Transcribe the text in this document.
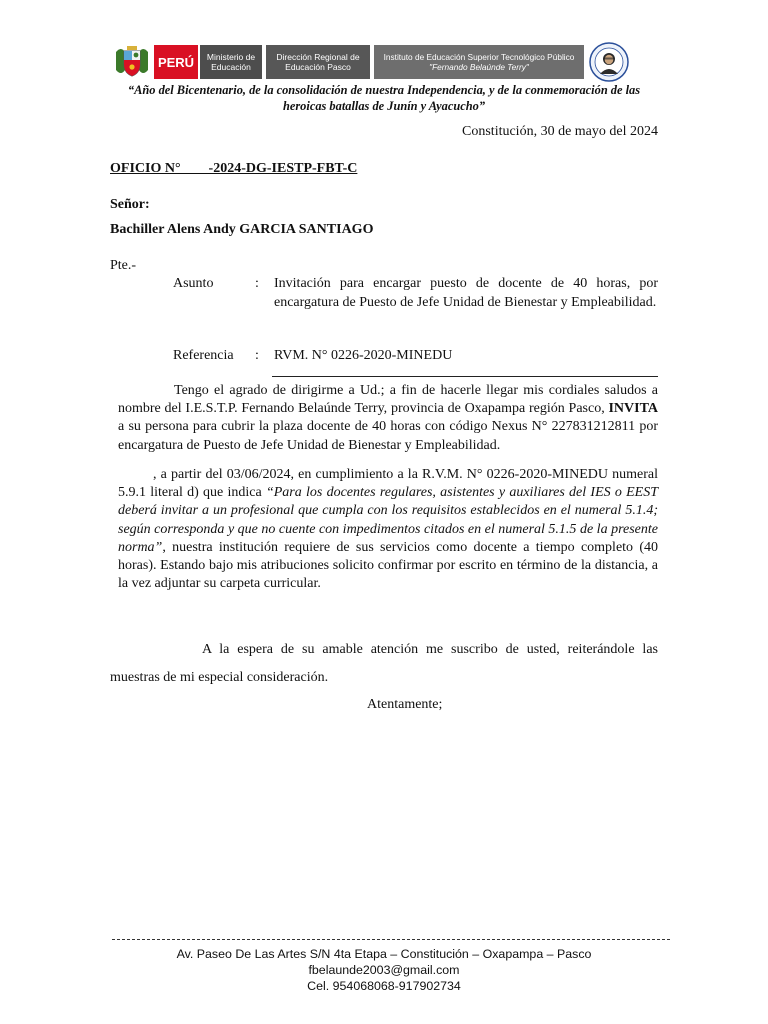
PERÚ	Ministerio de Educación
Dirección Regional de Educación Pasco
Instituto de Educación Superior Tecnológico Público
"Fernando Belaúnde Terry"
“Año del Bicentenario, de la consolidación de nuestra Independencia, y de la conmemoración de las heroicas batallas de Junín y Ayacucho”
Constitución, 30 de mayo del 2024
OFICIO N°        -2024-DG-IESTP-FBT-C
Señor:
Bachiller Alens Andy GARCIA SANTIAGO
Pte.-
Asunto	:	Invitación para encargar puesto de docente de 40 horas, por encargatura de Puesto de Jefe Unidad de Bienestar y Empleabilidad.
Referencia	:	RVM. N° 0226-2020-MINEDU
Tengo el agrado de dirigirme a Ud.; a fin de hacerle llegar mis cordiales saludos a nombre del I.E.S.T.P. Fernando Belaúnde Terry, provincia de Oxapampa región Pasco, INVITA a su persona para cubrir la plaza docente de 40 horas con código Nexus N° 227831212811 por encargatura de Puesto de Jefe Unidad de Bienestar y Empleabilidad.
, a partir del 03/06/2024, en cumplimiento a la R.V.M. N° 0226-2020-MINEDU numeral 5.9.1 literal d) que indica “Para los docentes regulares, asistentes y auxiliares del IES o EEST deberá invitar a un profesional que cumpla con los requisitos establecidos en el numeral 5.1.4; según corresponda y que no cuente con impedimentos citados en el numeral 5.1.5 de la presente norma”, nuestra institución requiere de sus servicios como docente a tiempo completo (40 horas). Estando bajo mis atribuciones solicito confirmar por escrito en término de la distancia, a la vez adjuntar su carpeta curricular.
A la espera de su amable atención me suscribo de usted, reiterándole las muestras de mi especial consideración.
Atentamente;
Av. Paseo De Las Artes S/N 4ta Etapa – Constitución – Oxapampa – Pasco
fbelaunde2003@gmail.com
Cel. 954068068-917902734
